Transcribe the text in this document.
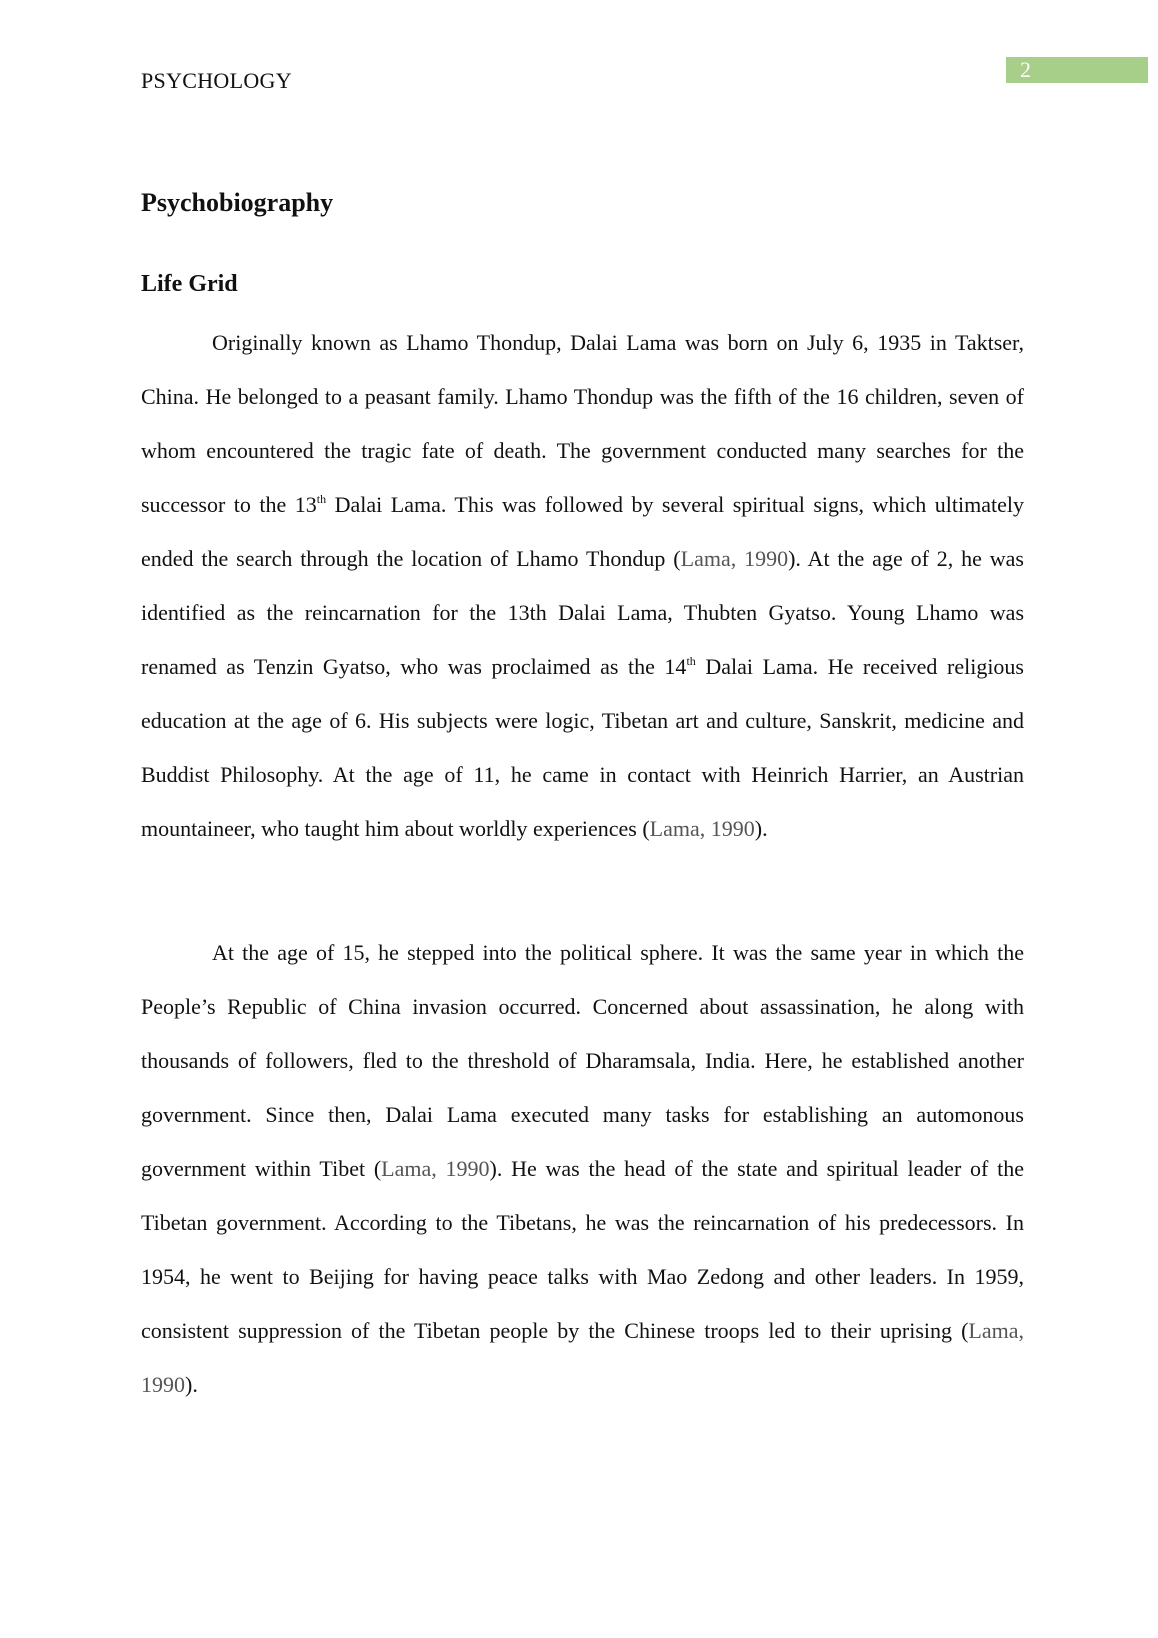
PSYCHOLOGY	2
Psychobiography
Life Grid

Originally known as Lhamo Thondup, Dalai Lama was born on July 6, 1935 in Taktser, China. He belonged to a peasant family. Lhamo Thondup was the fifth of the 16 children, seven of whom encountered the tragic fate of death. The government conducted many searches for the successor to the 13th Dalai Lama. This was followed by several spiritual signs, which ultimately ended the search through the location of Lhamo Thondup (Lama, 1990). At the age of 2, he was identified as the reincarnation for the 13th Dalai Lama, Thubten Gyatso. Young Lhamo was renamed as Tenzin Gyatso, who was proclaimed as the 14th Dalai Lama. He received religious education at the age of 6. His subjects were logic, Tibetan art and culture, Sanskrit, medicine and Buddist Philosophy. At the age of 11, he came in contact with Heinrich Harrier, an Austrian mountaineer, who taught him about worldly experiences (Lama, 1990).

At the age of 15, he stepped into the political sphere. It was the same year in which the People’s Republic of China invasion occurred. Concerned about assassination, he along with thousands of followers, fled to the threshold of Dharamsala, India. Here, he established another government. Since then, Dalai Lama executed many tasks for establishing an automonous government within Tibet (Lama, 1990). He was the head of the state and spiritual leader of the Tibetan government. According to the Tibetans, he was the reincarnation of his predecessors. In 1954, he went to Beijing for having peace talks with Mao Zedong and other leaders. In 1959, consistent suppression of the Tibetan people by the Chinese troops led to their uprising (Lama, 1990).
